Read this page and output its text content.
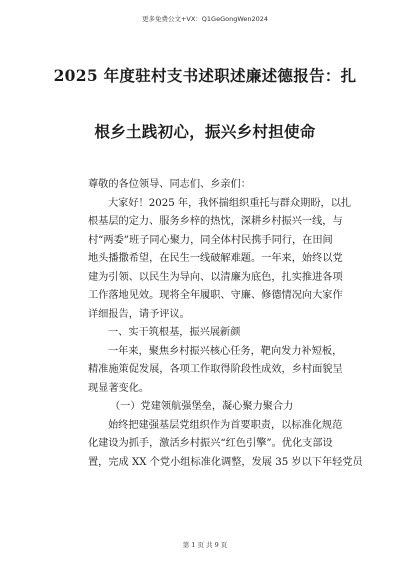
更多免费公文+VX：Q1GeGongWen2024
2025 年度驻村支书述职述廉述德报告：扎
根乡土践初心，振兴乡村担使命
尊敬的各位领导、同志们、乡亲们：
大家好！2025 年，我怀揣组织重托与群众期盼，以扎
根基层的定力、服务乡梓的热忱，深耕乡村振兴一线，与
村“两委”班子同心聚力，同全体村民携手同行，在田间
地头播撒希望，在民生一线破解难题。一年来，始终以党
建为引领、以民生为导向、以清廉为底色，扎实推进各项
工作落地见效。现将全年履职、守廉、修德情况向大家作
详细报告，请予评议。
一、实干筑根基，振兴展新颜
一年来，聚焦乡村振兴核心任务，靶向发力补短板，
精准施策促发展，各项工作取得阶段性成效，乡村面貌呈
现显著变化。
（一）党建领航强堡垒，凝心聚力聚合力
始终把建强基层党组织作为首要职责，以标准化规范
化建设为抓手，激活乡村振兴“红色引擎”。优化支部设
置，完成 XX 个党小组标准化调整，发展 35 岁以下年轻党员
第 1 页 共 9 页
